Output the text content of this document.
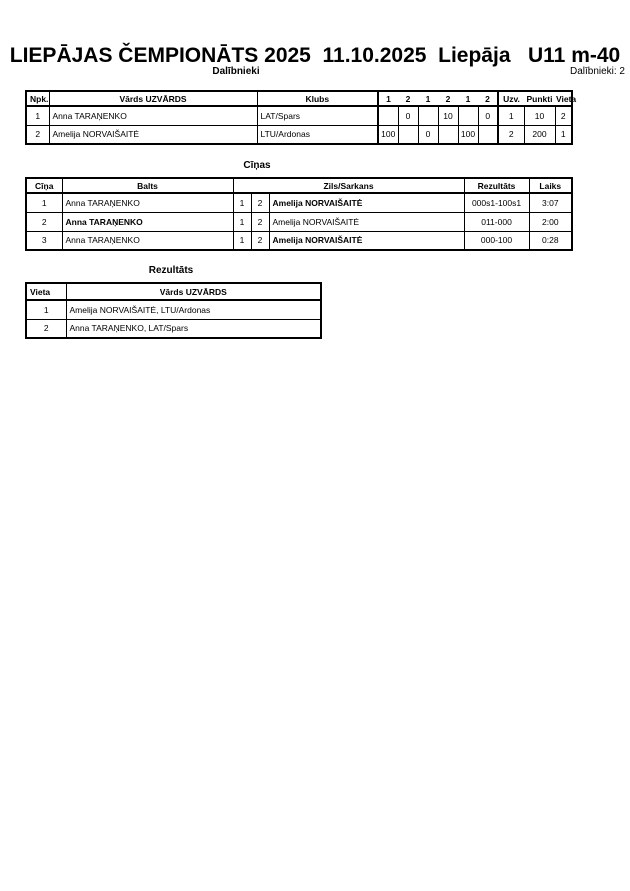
LIEPĀJAS ČEMPIONĀTS 2025  11.10.2025  Liepāja   U11 m-40
Dalībnieki	Dalībnieki: 2
Npk.	Vārds UZVĀRDS	Klubs	1	2	1	2	1	2	Uzv.	Punkti	Vieta
1	Anna TARAŅENKO	LAT/Spars		0		10		0	1	10	2
2	Amelija NORVAIŠAITĖ	LTU/Ardonas	100		0		100		2	200	1
Cīņas
Cīņa	Balts	Zils/Sarkans			Rezultāts	Laiks
1	Anna TARAŅENKO	1	2	Amelija NORVAIŠAITĖ	000s1-100s1	3:07
2	Anna TARAŅENKO	1	2	Amelija NORVAIŠAITĖ	011-000	2:00
3	Anna TARAŅENKO	1	2	Amelija NORVAIŠAITĖ	000-100	0:28
Rezultāts
Vieta	Vārds UZVĀRDS
1	Amelija NORVAIŠAITĖ, LTU/Ardonas
2	Anna TARAŅENKO, LAT/Spars
